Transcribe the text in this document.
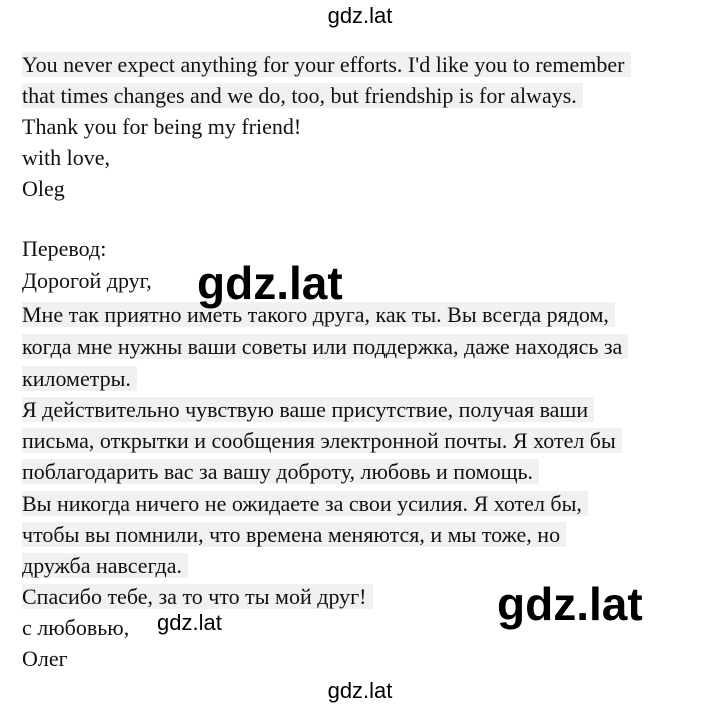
gdz.lat
You never expect anything for your efforts. I'd like you to remember
that times changes and we do, too, but friendship is for always.
Thank you for being my friend!
with love,
Oleg
Перевод:
Дорогой друг,
Мне так приятно иметь такого друга, как ты. Вы всегда рядом,
когда мне нужны ваши советы или поддержка, даже находясь за
километры.
Я действительно чувствую ваше присутствие, получая ваши
письма, открытки и сообщения электронной почты. Я хотел бы
поблагодарить вас за вашу доброту, любовь и помощь.
Вы никогда ничего не ожидаете за свои усилия. Я хотел бы,
чтобы вы помнили, что времена меняются, и мы тоже, но
дружба навсегда.
Спасибо тебе, за то что ты мой друг!
с любовью,
Олег
gdz.lat
gdz.lat
gdz.lat
gdz.lat
